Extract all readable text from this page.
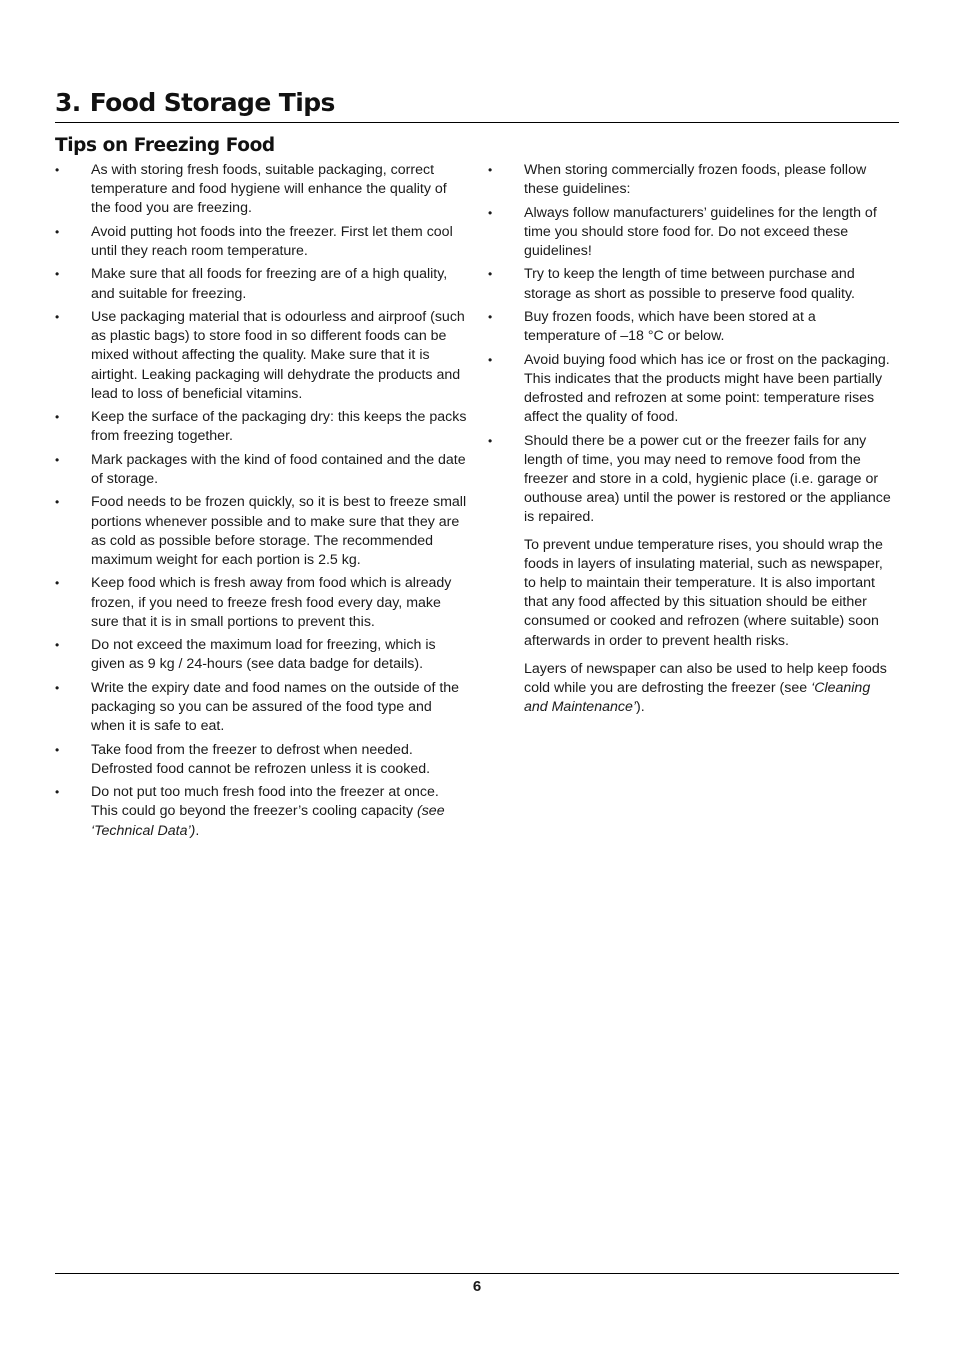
3. Food Storage Tips
Tips on Freezing Food
•	As with storing fresh foods, suitable packaging, correct temperature and food hygiene will enhance the quality of the food you are freezing.
•	Avoid putting hot foods into the freezer. First let them cool until they reach room temperature.
•	Make sure that all foods for freezing are of a high quality, and suitable for freezing.
•	Use packaging material that is odourless and airproof (such as plastic bags) to store food in so different foods can be mixed without affecting the quality. Make sure that it is airtight. Leaking packaging will dehydrate the products and lead to loss of beneficial vitamins.
•	Keep the surface of the packaging dry: this keeps the packs from freezing together.
•	Mark packages with the kind of food contained and the date of storage.
•	Food needs to be frozen quickly, so it is best to freeze small portions whenever possible and to make sure that they are as cold as possible before storage. The recommended maximum weight for each portion is 2.5 kg.
•	Keep food which is fresh away from food which is already frozen, if you need to freeze fresh food every day, make sure that it is in small portions to prevent this.
•	Do not exceed the maximum load for freezing, which is given as 9 kg / 24-hours (see data badge for details).
•	Write the expiry date and food names on the outside of the packaging so you can be assured of the food type and when it is safe to eat.
•	Take food from the freezer to defrost when needed. Defrosted food cannot be refrozen unless it is cooked.
•	Do not put too much fresh food into the freezer at once. This could go beyond the freezer’s cooling capacity (see ‘Technical Data’).
•	When storing commercially frozen foods, please follow these guidelines:
•	Always follow manufacturers’ guidelines for the length of time you should store food for. Do not exceed these guidelines!
•	Try to keep the length of time between purchase and storage as short as possible to preserve food quality.
•	Buy frozen foods, which have been stored at a temperature of –18 °C or below.
•	Avoid buying food which has ice or frost on the packaging. This indicates that the products might have been partially defrosted and refrozen at some point: temperature rises affect the quality of food.
•	Should there be a power cut or the freezer fails for any length of time, you may need to remove food from the freezer and store in a cold, hygienic place (i.e. garage or outhouse area) until the power is restored or the appliance is repaired.
To prevent undue temperature rises, you should wrap the foods in layers of insulating material, such as newspaper, to help to maintain their temperature. It is also important that any food affected by this situation should be either consumed or cooked and refrozen (where suitable) soon afterwards in order to prevent health risks.
Layers of newspaper can also be used to help keep foods cold while you are defrosting the freezer (see ‘Cleaning and Maintenance’).
6
